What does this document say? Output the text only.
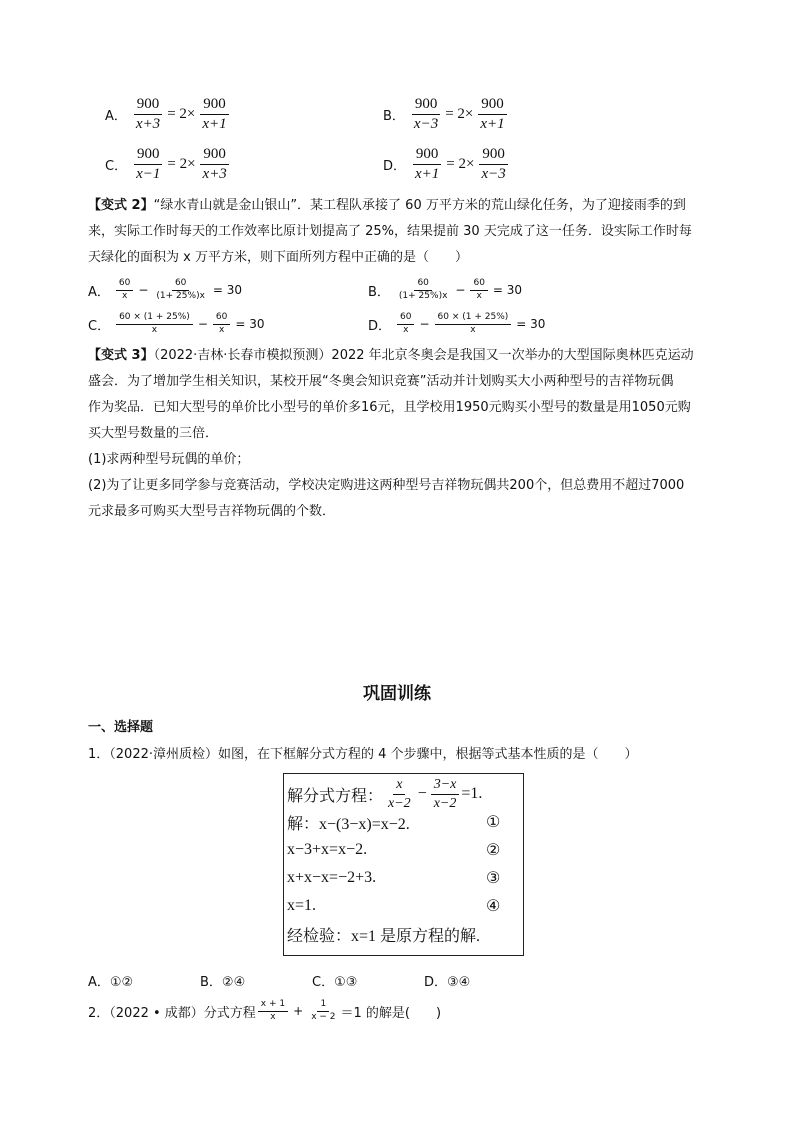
A． $\frac{900}{x+3} = 2\times \frac{900}{x+1}$	B． $\frac{900}{x-3} = 2\times \frac{900}{x+1}$
C． $\frac{900}{x-1} = 2\times \frac{900}{x+3}$	D． $\frac{900}{x+1} = 2\times \frac{900}{x-3}$
【变式 2】“绿水青山就是金山银山”．某工程队承接了 60 万平方米的荒山绿化任务，为了迎接雨季的到
来，实际工作时每天的工作效率比原计划提高了 25%，结果提前 30 天完成了这一任务．设实际工作时每
天绿化的面积为 x 万平方米，则下面所列方程中正确的是（　　）
A． $\frac{60}{x} - \frac{60}{(1+ 25\%)x} = 30$	B． $\frac{60}{(1+ 25\%)x} - \frac{60}{x} = 30$
C． $\frac{60 \times (1 + 25\%)}{x} - \frac{60}{x} = 30$	D． $\frac{60}{x} - \frac{60 \times (1 + 25\%)}{x} = 30$
【变式 3】（2022·吉林·长春市模拟预测）2022 年北京冬奥会是我国又一次举办的大型国际奥林匹克运动
盛会．为了增加学生相关知识，某校开展“冬奥会知识竞赛”活动并计划购买大小两种型号的吉祥物玩偶
作为奖品．已知大型号的单价比小型号的单价多16元，且学校用1950元购买小型号的数量是用1050元购
买大型号数量的三倍．
(1)求两种型号玩偶的单价；
(2)为了让更多同学参与竞赛活动，学校决定购进这两种型号吉祥物玩偶共200个，但总费用不超过7000
元求最多可购买大型号吉祥物玩偶的个数．
巩固训练
一、选择题
1．（2022·漳州质检）如图，在下框解分式方程的 4 个步骤中，根据等式基本性质的是（　　）
解分式方程： $\frac{x}{x-2} - \frac{3-x}{x-2} =1$.
解：x−(3−x)=x−2.	①
x−3+x=x−2.	②
x+x−x=−2+3.	③
x=1.	④
经检验：x=1 是原方程的解.
A．①②	B．②④	C．①③	D．③④
2．（2022 • 成都）分式方程 $\frac{x + 1}{x} + \frac{1}{x - 2} =1$ 的解是(　　)
